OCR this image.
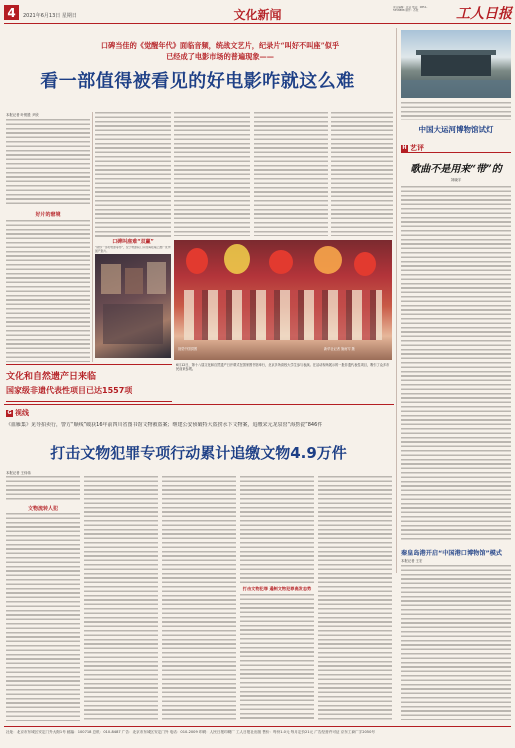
4 2021年6月13日 星期日	文化新闻
责任编辑：张莹 电话：0851-5558888 制作：齐欣	工人日报
口碑当佳的《觉醒年代》面临音频，统战文艺片，纪录片“叫好不叫座”似乎
已经成了电影市场的普遍现象——
看一部值得被看见的好电影咋就这么难
本报记者 叶锐胜 尹欣
好片的窘境
口碑叫座难“双赢”
“助你一部好电影等你”，位于电影院门口的海报墙上推广优秀国产影片。
视觉中国供图	新华社记者 施雨岑 摄
文化和自然遗产日来临
国家级非遗代表性项目已达1557项
6月12日，第十八届文化和自然遗产日开幕式在国家图书馆举行，北京多所高校大学生参与表演。在活动现场展示的一批非遗代表性项目，吸引了众多市民前来参观。
中国大运河博物馆试灯
H 艺评
歌曲不是用来“带”的
刘晓宇
秦皇岛港开启“中国港口博物馆”模式
本报记者 王宏
G 视线
《血雁集》见导拍卖行，警方“顺线”破获16年前四川省图书馆文物被盗案；继建公安侦破特大盗捞水下文物案，追缴宋元龙泉窑“海捞瓷”846件
打击文物犯罪专项行动累计追缴文物4.9万件
本报记者 王伟伟
文物流转人犯
打击文物犯罪 遏制文物犯罪高发态势
社址：北京市东城区安定门外大街1号 邮编：100718 总机：010-8487 广告：北京市东城区安定门外 电话：010-2009 印刷：人民日报印刷厂 工人日报社出版 售价：每份1.0元 每月定价21元 广告经营许可证 京东工商广字2050号
